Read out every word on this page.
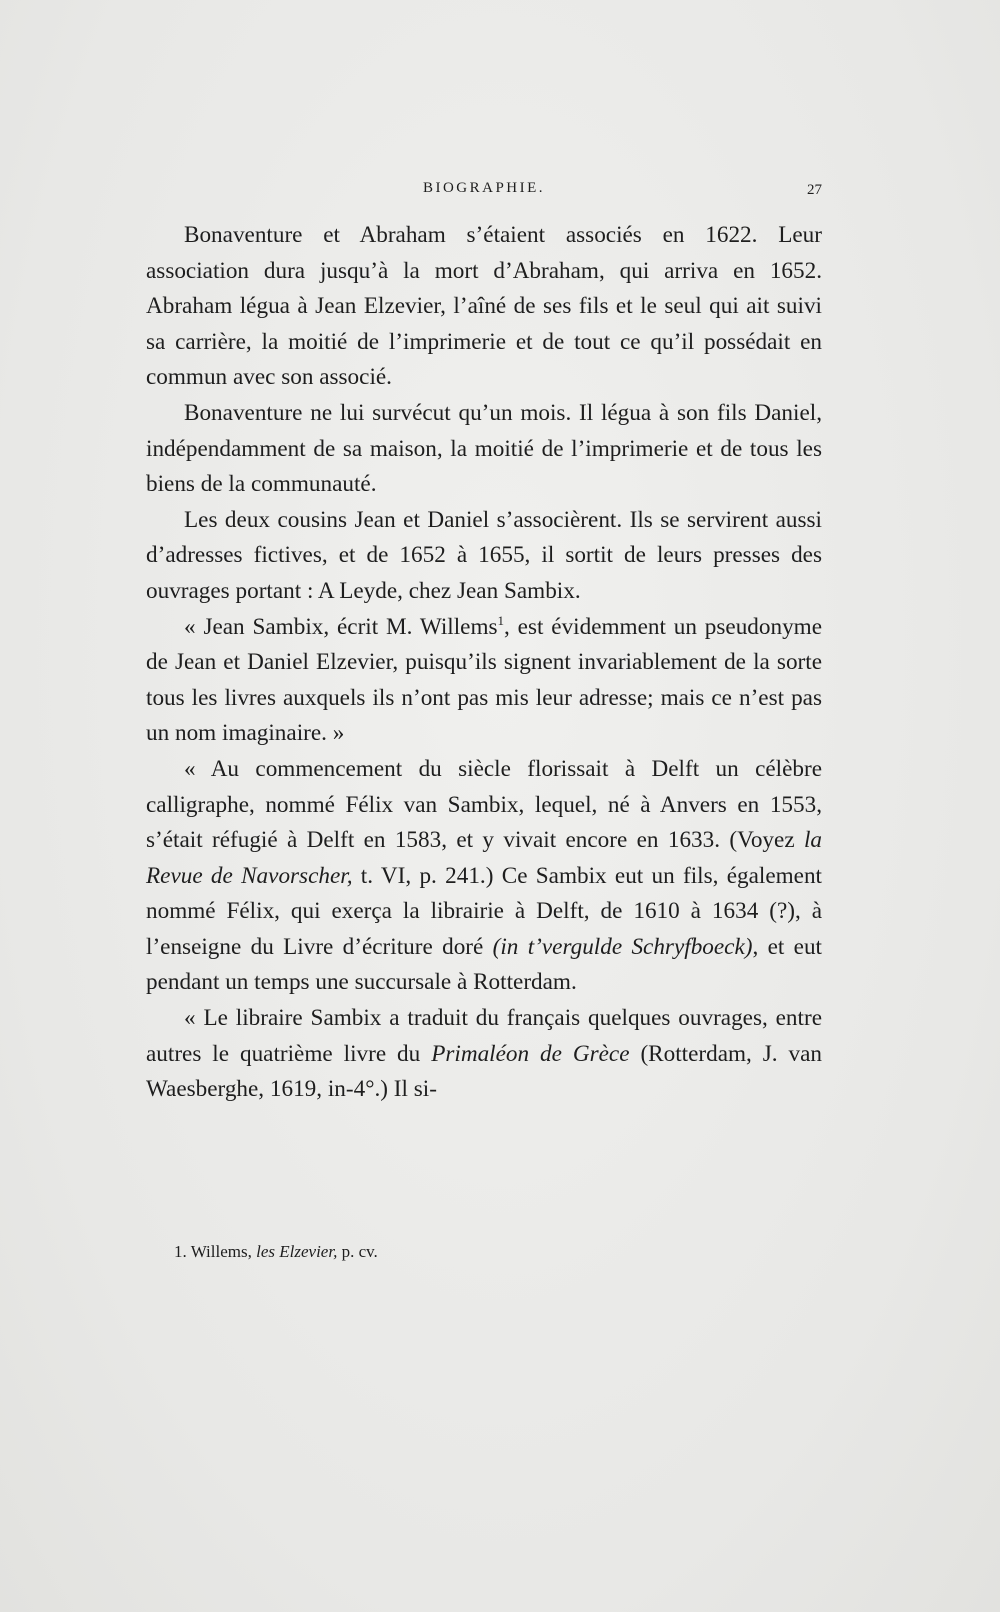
BIOGRAPHIE.	27

Bonaventure et Abraham s’étaient associés en 1622. Leur association dura jusqu’à la mort d’Abraham, qui arriva en 1652. Abraham légua à Jean Elzevier, l’aîné de ses fils et le seul qui ait suivi sa carrière, la moitié de l’imprimerie et de tout ce qu’il possédait en commun avec son associé.

Bonaventure ne lui survécut qu’un mois. Il légua à son fils Daniel, indépendamment de sa maison, la moitié de l’imprimerie et de tous les biens de la communauté.

Les deux cousins Jean et Daniel s’associèrent. Ils se servirent aussi d’adresses fictives, et de 1652 à 1655, il sortit de leurs presses des ouvrages portant : A Leyde, chez Jean Sambix.

« Jean Sambix, écrit M. Willems$^1$, est évidemment un pseudonyme de Jean et Daniel Elzevier, puisqu’ils signent invariablement de la sorte tous les livres auxquels ils n’ont pas mis leur adresse; mais ce n’est pas un nom imaginaire. »

« Au commencement du siècle florissait à Delft un célèbre calligraphe, nommé Félix van Sambix, lequel, né à Anvers en 1553, s’était réfugié à Delft en 1583, et y vivait encore en 1633. (Voyez la Revue de Navorscher, t. VI, p. 241.) Ce Sambix eut un fils, également nommé Félix, qui exerça la librairie à Delft, de 1610 à 1634 (?), à l’enseigne du Livre d’écriture doré (in t’verguldе Schryfboeck), et eut pendant un temps une succursale à Rotterdam.

« Le libraire Sambix a traduit du français quelques ouvrages, entre autres le quatrième livre du Primaléon de Grèce (Rotterdam, J. van Waesberghe, 1619, in-4°.) Il si-

1. Willems, les Elzevier, p. cv.
